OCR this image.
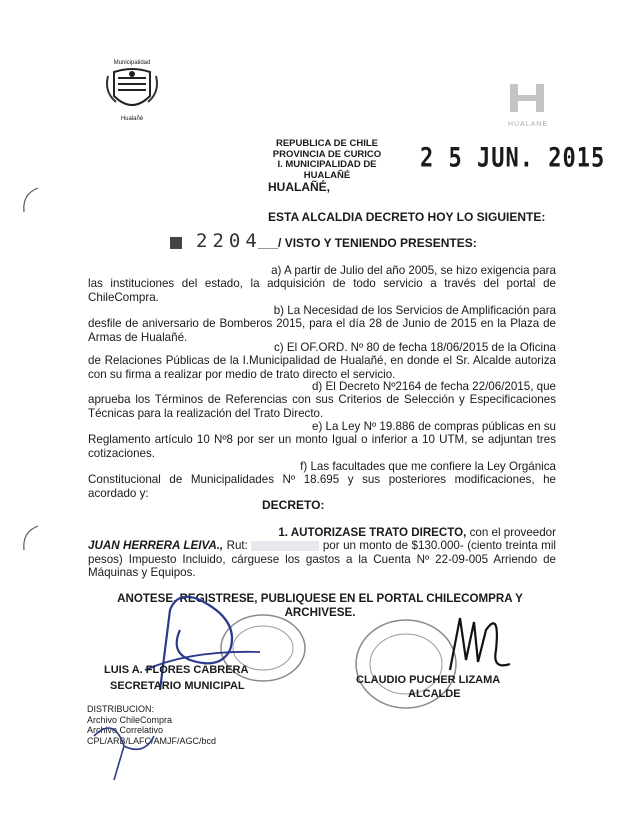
Municipalidad
Hualañé
HUALANE
REPUBLICA DE CHILE
PROVINCIA DE CURICO
I. MUNICIPALIDAD DE HUALAÑÉ
2 5 JUN. 2015
HUALAÑÉ,
ESTA ALCALDIA DECRETO HOY LO SIGUIENTE:
2204
___/ VISTO Y TENIENDO PRESENTES:
a) A partir de Julio del año 2005, se hizo exigencia para
las instituciones del estado, la adquisición de todo servicio a través del portal de ChileCompra.
b) La Necesidad de los Servicios de Amplificación para
desfile de aniversario de Bomberos 2015, para el día 28 de Junio de 2015 en la Plaza de Armas de Hualañé.
c) El OF.ORD. Nº 80 de fecha 18/06/2015 de la Oficina
de Relaciones Públicas de la I.Municipalidad de Hualañé, en donde el Sr. Alcalde autoriza con su firma a realizar por medio de trato directo el servicio.
d) El Decreto Nº2164 de fecha 22/06/2015, que
aprueba los Términos de Referencias con sus Criterios de Selección y Especificaciones Técnicas para la realización del Trato Directo.
e) La Ley Nº 19.886 de compras públicas en su
Reglamento artículo 10 Nº8 por ser un monto Igual o inferior a 10 UTM, se adjuntan tres cotizaciones.
f) Las facultades que me confiere la Ley Orgánica
Constitucional de Municipalidades Nº 18.695 y sus posteriores modificaciones, he acordado y:
DECRETO:
1. AUTORIZASE TRATO DIRECTO, con el proveedor
JUAN HERRERA LEIVA., Rut:	por un monto de $130.000- (ciento treinta mil pesos) Impuesto Incluido, cárguese los gastos a la Cuenta Nº 22-09-005 Arriendo de Máquinas y Equipos.
ANOTESE, REGISTRESE, PUBLIQUESE EN EL PORTAL CHILECOMPRA Y
ARCHIVESE.
LUIS A. FLORES CABRERA
SECRETARIO MUNICIPAL	CLAUDIO PUCHER LIZAMA
ALCALDE
DISTRIBUCION:
Archivo ChileCompra
Archivo Correlativo
CPL/ARB/LAFC/AMJF/AGC/bcd
